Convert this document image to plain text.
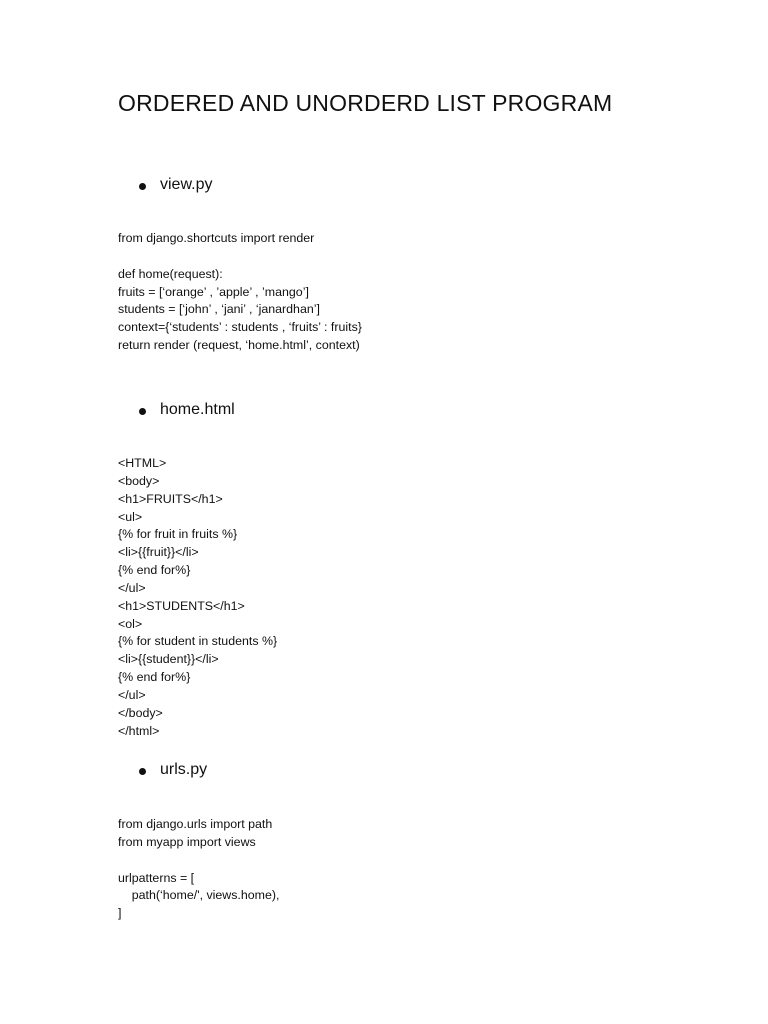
ORDERED AND UNORDERD LIST PROGRAM
view.py
from django.shortcuts import render
def home(request):
fruits = [‘orange’ , ’apple’ , ’mango’]
students = [‘john’ , ‘jani’ , ‘janardhan’]
context={‘students’ : students , ‘fruits’ : fruits}
return render (request, ‘home.html’, context)
home.html
<HTML>
<body>
<h1>FRUITS</h1>
<ul>
{% for fruit in fruits %}
<li>{{fruit}}</li>
{% end for%}
</ul>
<h1>STUDENTS</h1>
<ol>
{% for student in students %}
<li>{{student}}</li>
{% end for%}
</ul>
</body>
</html>
urls.py
from django.urls import path
from myapp import views
urlpatterns = [
path(‘home/', views.home),
]
